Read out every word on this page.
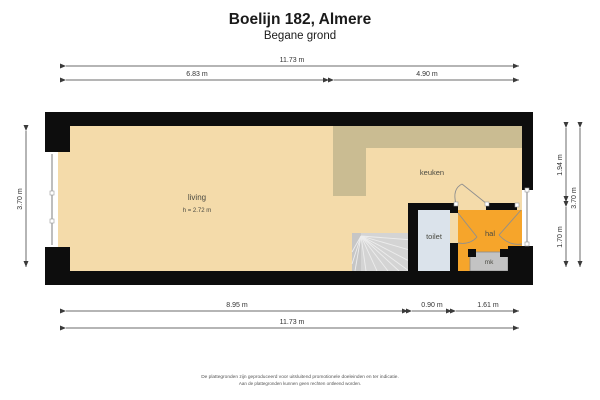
Boelijn 182, Almere
Begane grond
living
h = 2.72 m
keuken
toilet	hal
mk
11.73 m
6.83 m	4.90 m
8.95 m	0.90 m	1.61 m
11.73 m
3.70 m
1.94 m
1.70 m
3.70 m
De plattegronden zijn geproduceerd voor uitsluitend promotionele doeleinden en ter indicatie.
Aan de plattegronden kunnen geen rechten ontleend worden.
